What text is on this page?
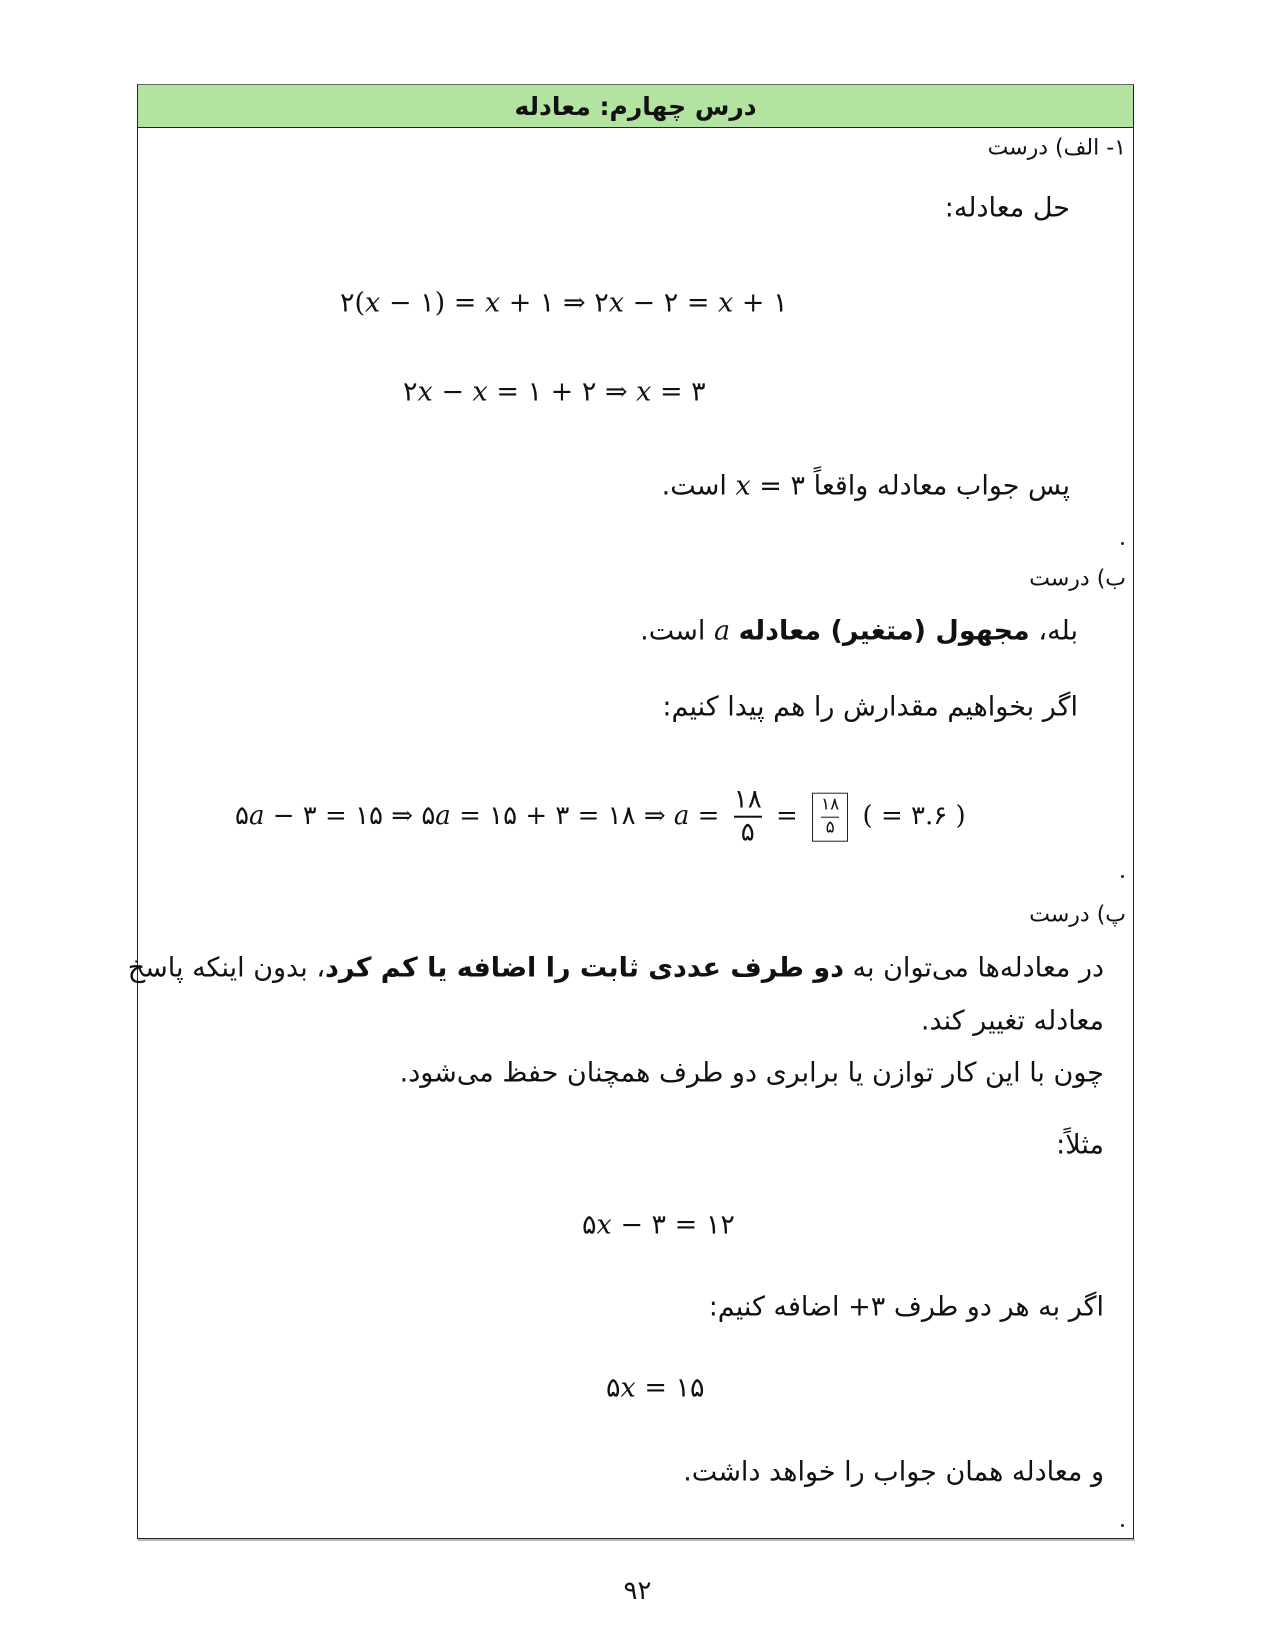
درس چهارم: معادله
۱- الف) درست
حل معادله:
۲(x − ۱) = x + ۱ ⇒ ۲x − ۲ = x + ۱
۲x − x = ۱ + ۲ ⇒ x = ۳
پس جواب معادله واقعاً ۳ = x است.
ب) درست
بله، مجهول (متغیر) معادله a است.
اگر بخواهیم مقدارش را هم پیدا کنیم:
۵a − ۳ = ۱۵ ⇒ ۵a = ۱۵ + ۳ = ۱۸ ⇒ $a = \frac{۱۸}{۵} = \frac{۱۸}{۵}$ ( = ۳.۶ )
پ) درست
در معادله‌ها می‌توان به دو طرف عددی ثابت را اضافه یا کم کرد، بدون اینکه پاسخ
معادله تغییر کند.
چون با این کار توازن یا برابری دو طرف همچنان حفظ می‌شود.
مثلاً:
۵x − ۳ = ۱۲
اگر به هر دو طرف ۳+ اضافه کنیم:
۵x = ۱۵
و معادله همان جواب را خواهد داشت.
۹۲
